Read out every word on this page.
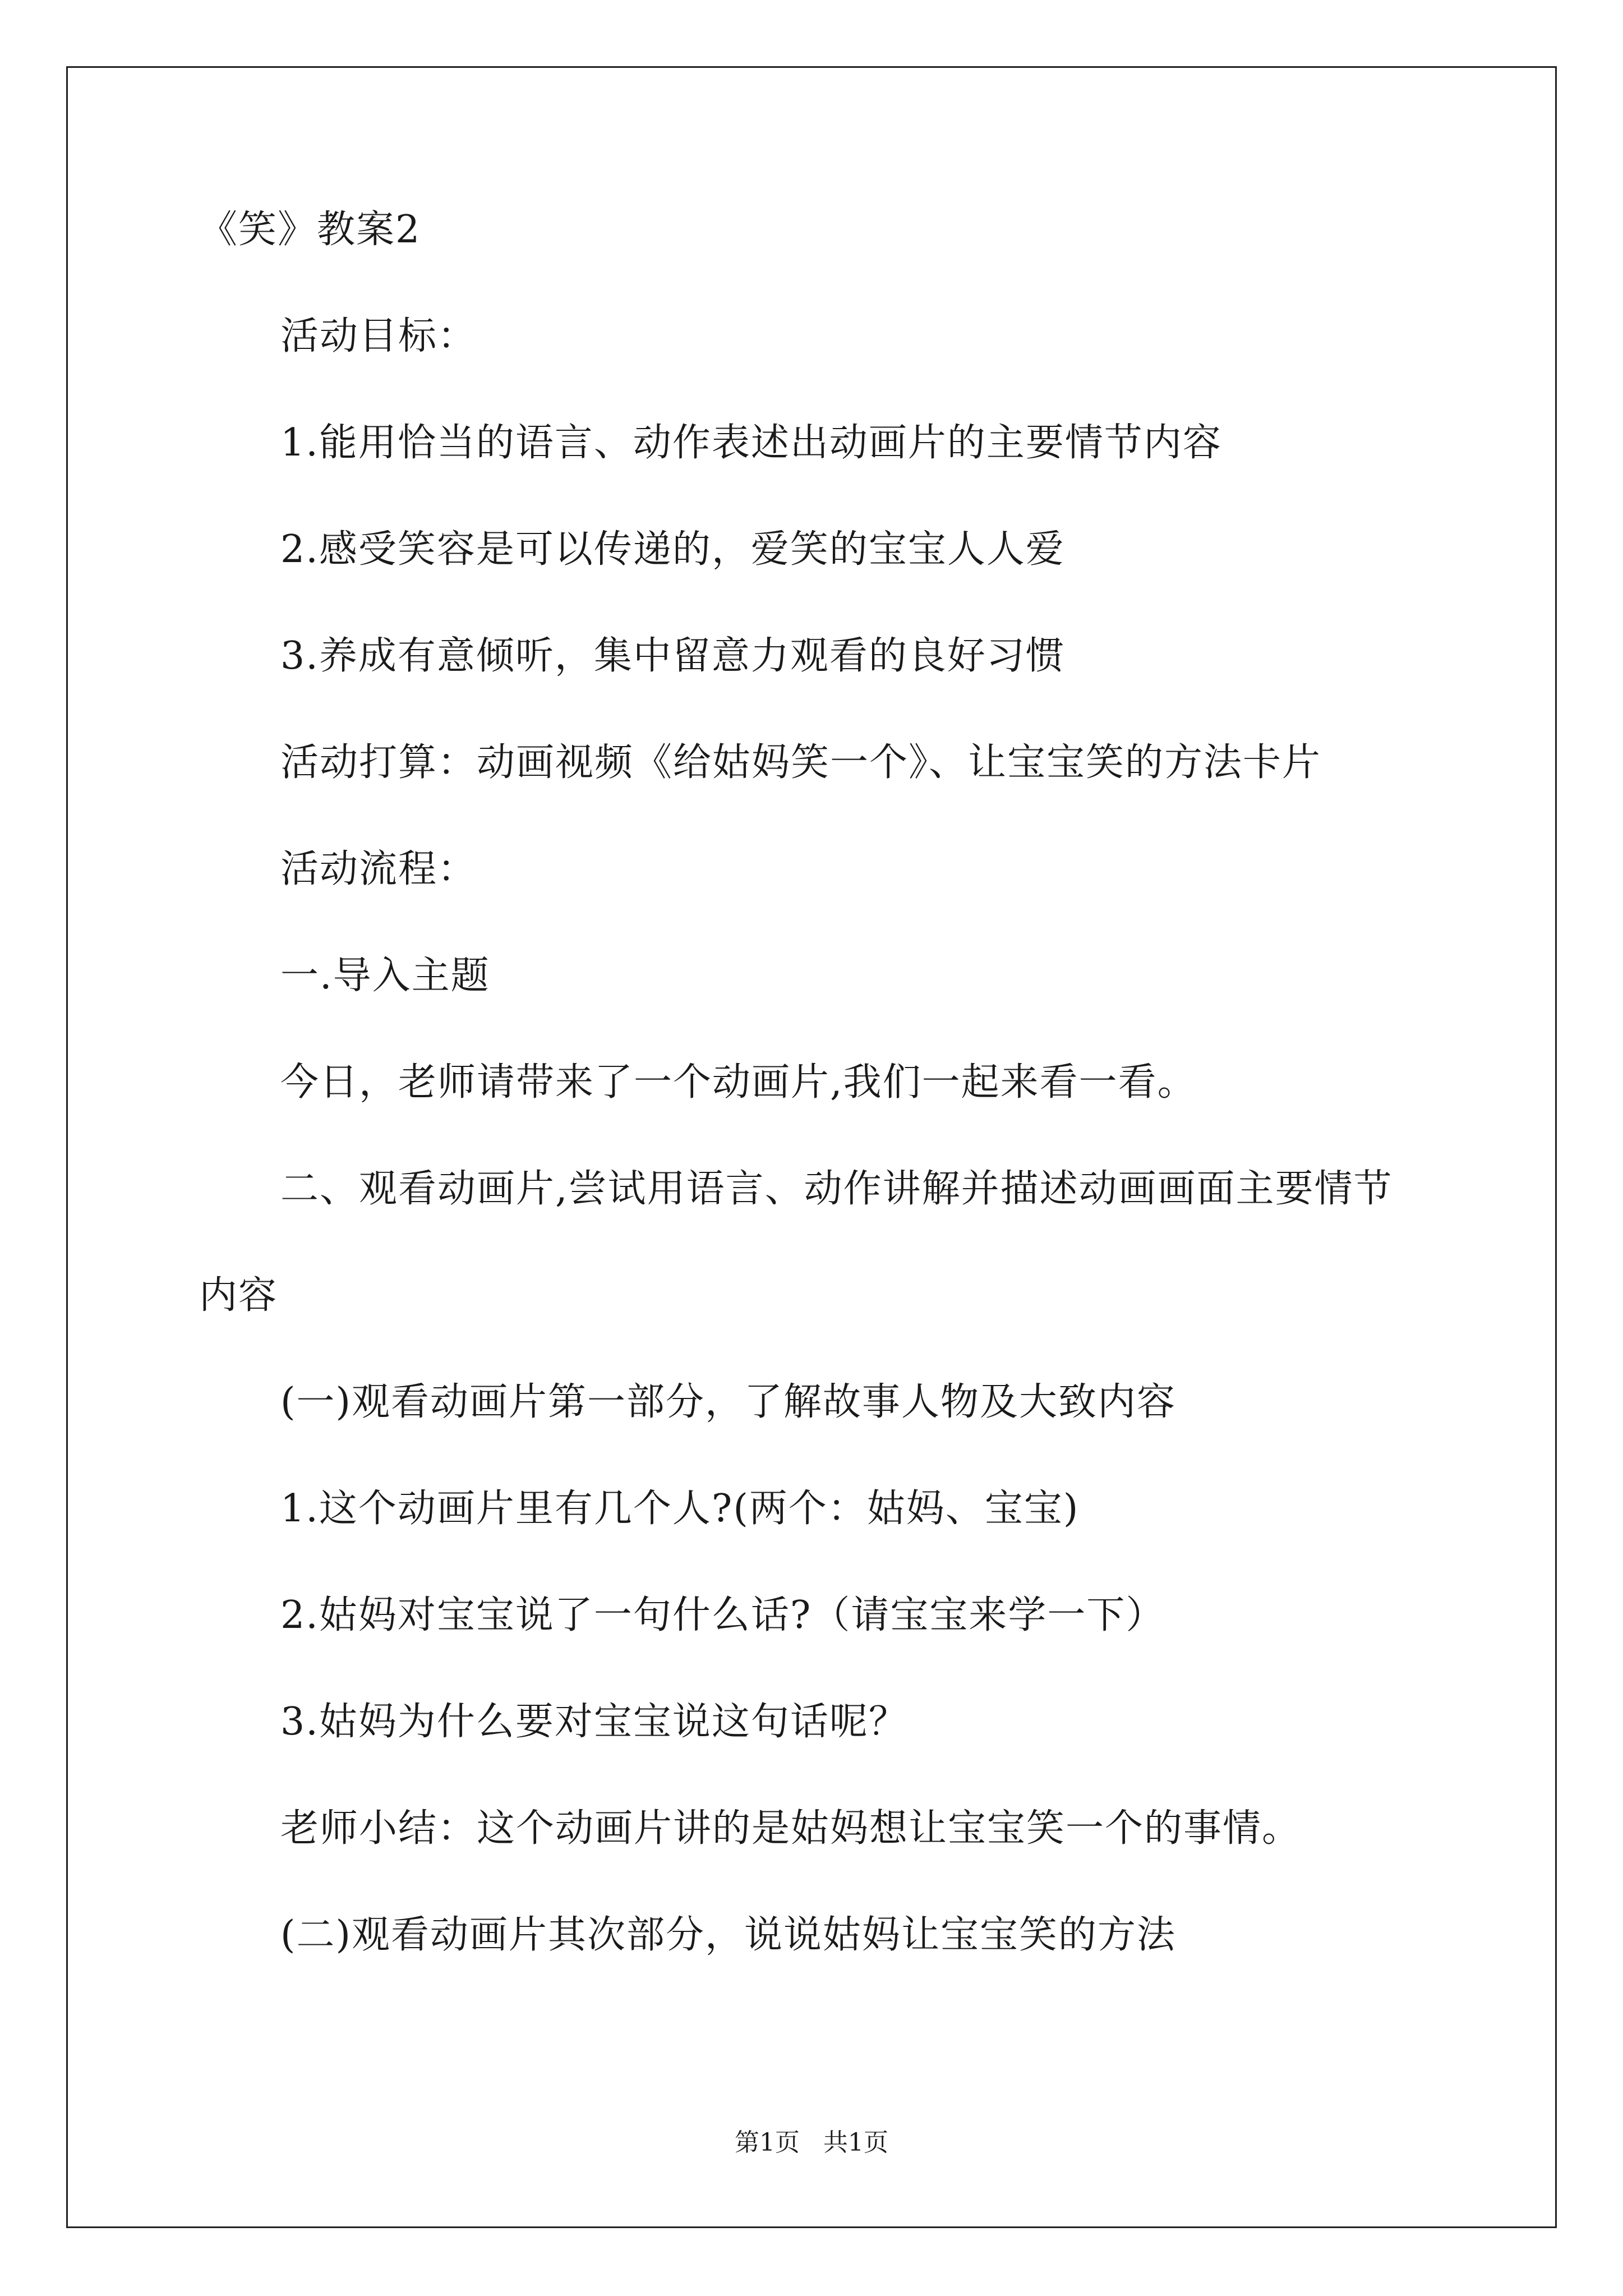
《笑》教案2
活动目标：
1.能用恰当的语言、动作表述出动画片的主要情节内容
2.感受笑容是可以传递的，爱笑的宝宝人人爱
3.养成有意倾听，集中留意力观看的良好习惯
活动打算：动画视频《给姑妈笑一个》、让宝宝笑的方法卡片
活动流程：
一.导入主题
今日，老师请带来了一个动画片,我们一起来看一看。
二、观看动画片,尝试用语言、动作讲解并描述动画画面主要情节
内容
(一)观看动画片第一部分，了解故事人物及大致内容
1.这个动画片里有几个人?(两个：姑妈、宝宝)
2.姑妈对宝宝说了一句什么话?（请宝宝来学一下）
3.姑妈为什么要对宝宝说这句话呢？
老师小结：这个动画片讲的是姑妈想让宝宝笑一个的事情。
(二)观看动画片其次部分，说说姑妈让宝宝笑的方法
第1页   共1页
